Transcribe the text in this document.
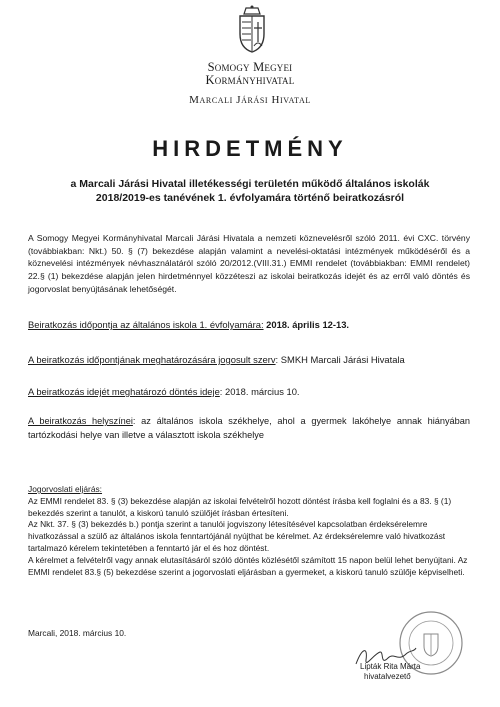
Somogy Megyei
Kormányhivatal
Marcali Járási Hivatal
HIRDETMÉNY
a Marcali Járási Hivatal illetékességi területén működő általános iskolák
2018/2019-es tanévének 1. évfolyamára történő beiratkozásról
A Somogy Megyei Kormányhivatal Marcali Járási Hivatala a nemzeti köznevelésről szóló 2011. évi CXC. törvény (továbbiakban: Nkt.) 50. § (7) bekezdése alapján valamint a nevelési-oktatási intézmények működéséről és a köznevelési intézmények névhasználatáról szóló 20/2012.(VIII.31.) EMMI rendelet (továbbiakban: EMMI rendelet) 22.§ (1) bekezdése alapján jelen hirdetménnyel közzéteszi az iskolai beiratkozás idejét és az erről való döntés és jogorvoslat benyújtásának lehetőségét.
Beiratkozás időpontja az általános iskola 1. évfolyamára: 2018. április 12-13.
A beiratkozás időpontjának meghatározására jogosult szerv: SMKH Marcali Járási Hivatala
A beiratkozás idejét meghatározó döntés ideje: 2018. március 10.
A beiratkozás helyszínei: az általános iskola székhelye, ahol a gyermek lakóhelye annak hiányában tartózkodási helye van illetve a választott iskola székhelye
Jogorvoslati eljárás:
Az EMMI rendelet 83. § (3) bekezdése alapján az iskolai felvételről hozott döntést írásba kell foglalni és a 83. § (1) bekezdés szerint a tanulót, a kiskorú tanuló szülőjét írásban értesíteni.
Az Nkt. 37. § (3) bekezdés b.) pontja szerint a tanulói jogviszony létesítésével kapcsolatban érdeksérelemre hivatkozással a szülő az általános iskola fenntartójánál nyújthat be kérelmet. Az érdeksérelemre való hivatkozást tartalmazó kérelem tekintetében a fenntartó jár el és hoz döntést.
A kérelmet a felvételről vagy annak elutasításáról szóló döntés közlésétől számított 15 napon belül lehet benyújtani. Az EMMI rendelet 83.§ (5) bekezdése szerint a jogorvoslati eljárásban a gyermeket, a kiskorú tanuló szülője képviselheti.
Marcali, 2018. március 10.
Lipták Rita Márta
hivatalvezető
